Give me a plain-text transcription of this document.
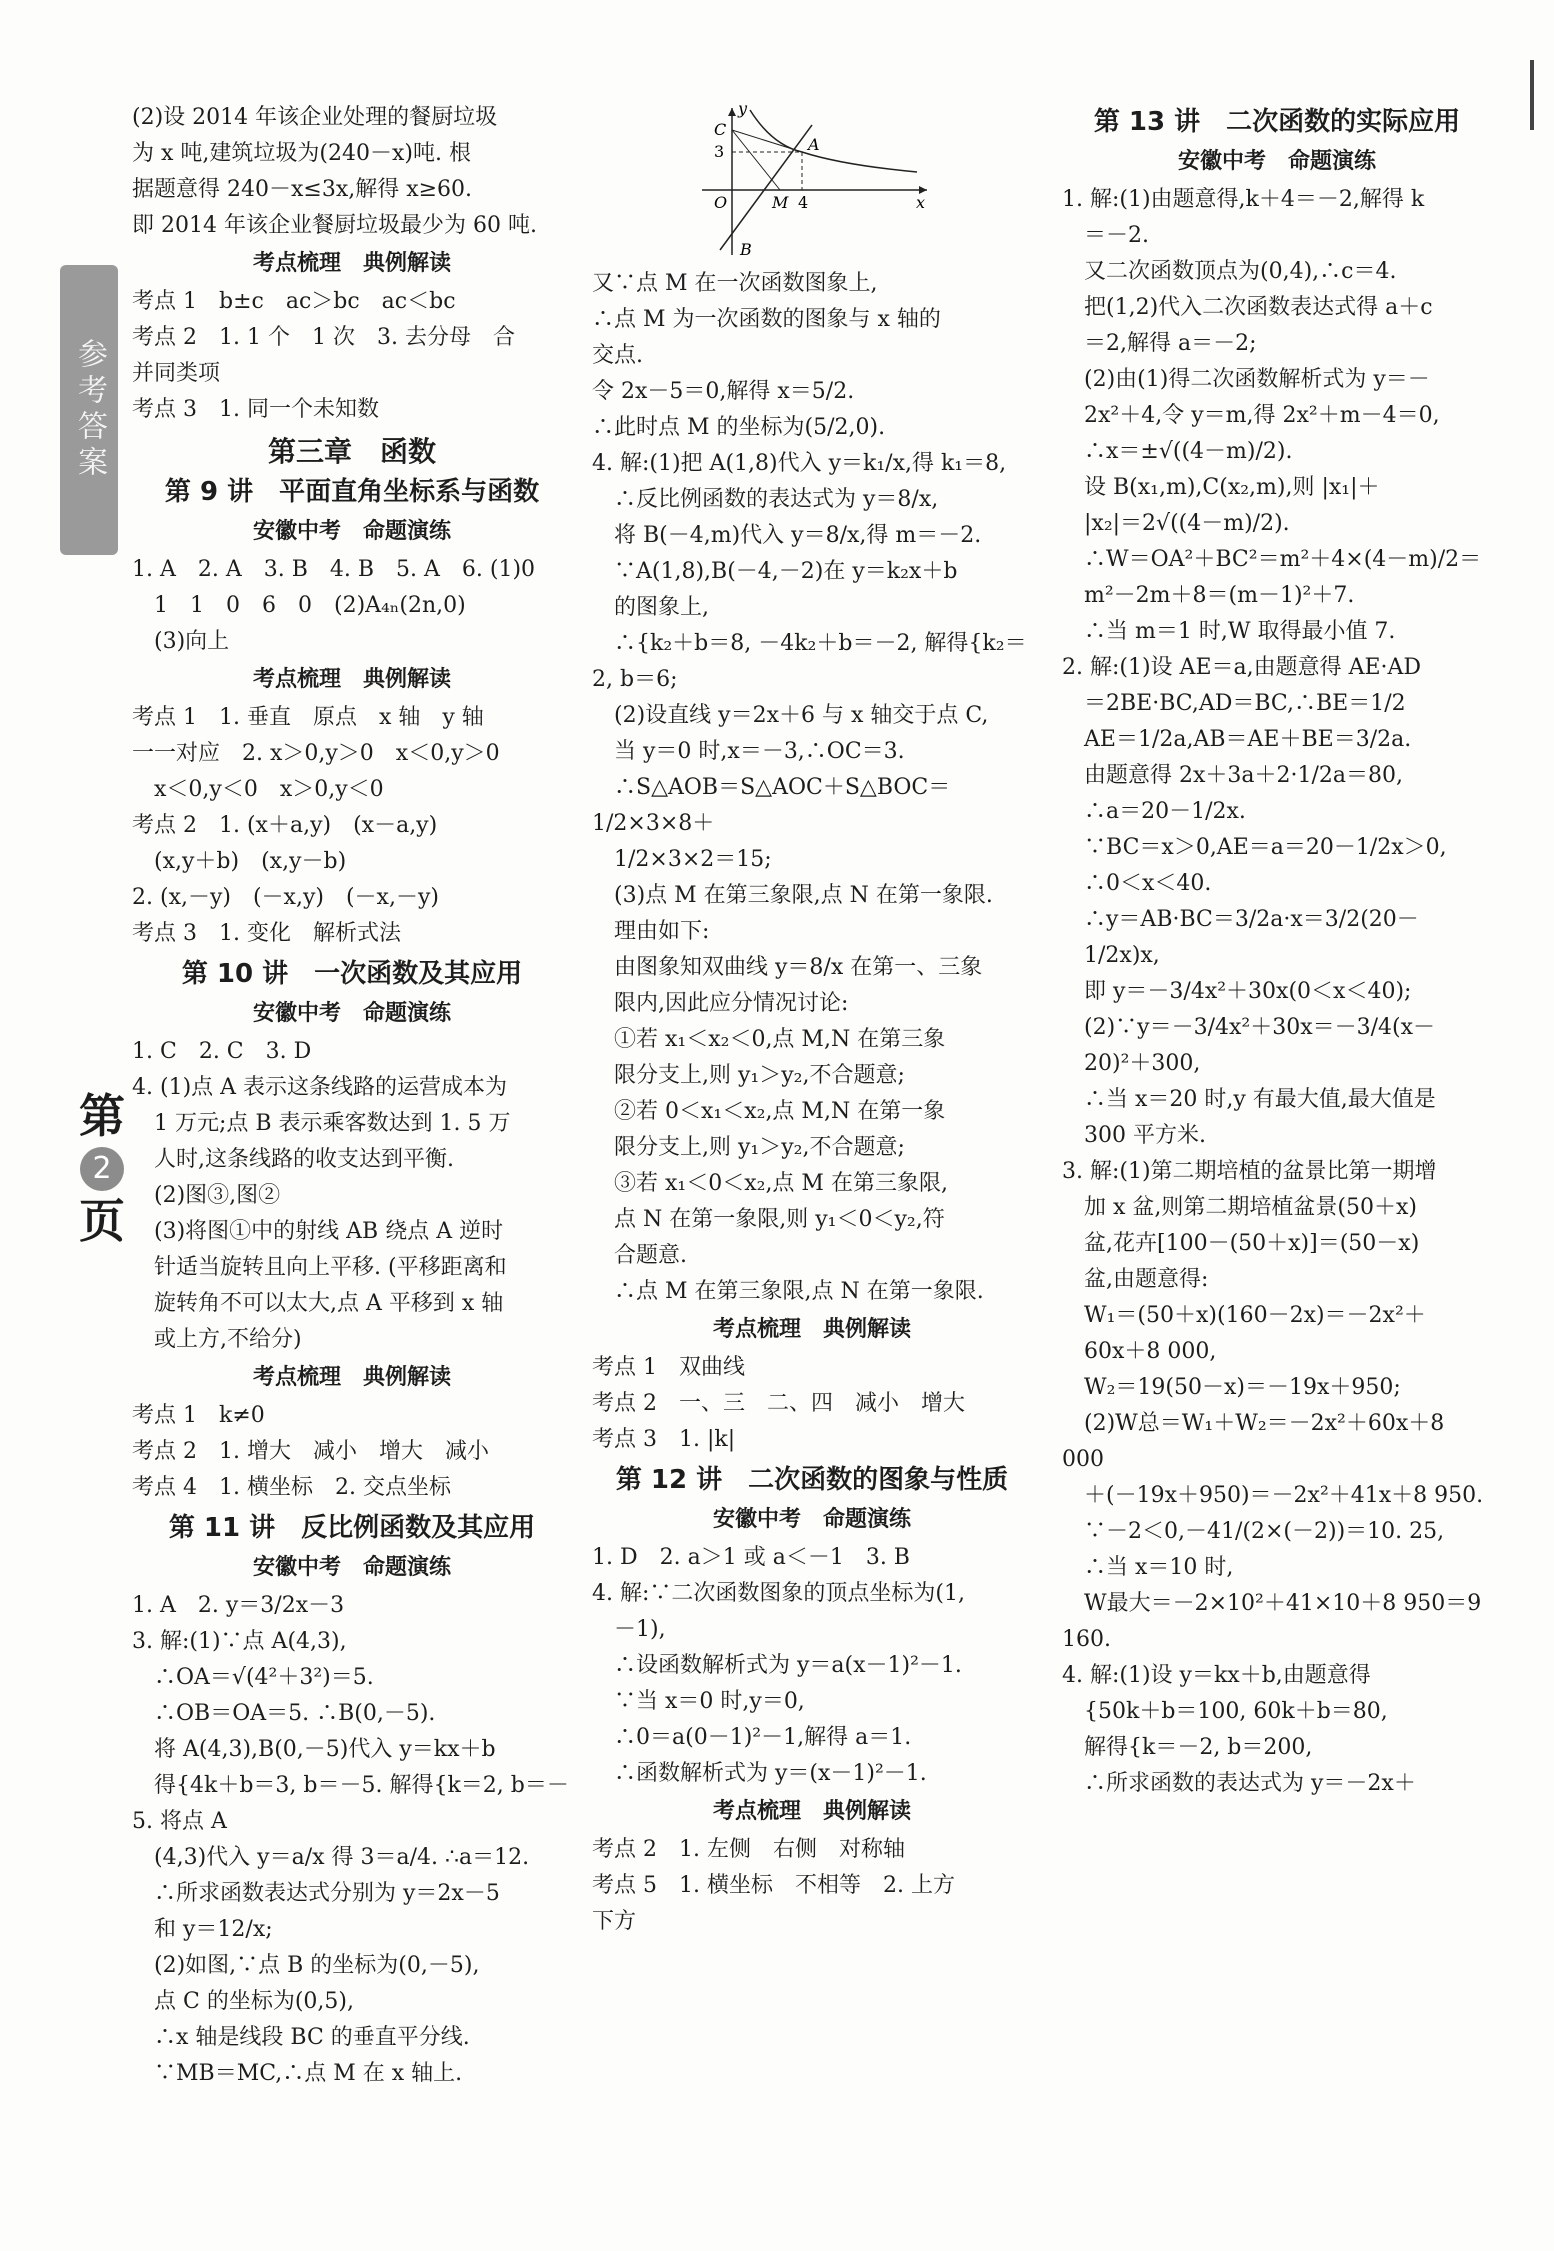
参考答案
第
2
页
(2)设 2014 年该企业处理的餐厨垃圾
为 x 吨,建筑垃圾为(240－x)吨. 根
据题意得 240－x≤3x,解得 x≥60.
即 2014 年该企业餐厨垃圾最少为 60 吨.
考点梳理　典例解读
考点 1　b±c　ac＞bc　ac＜bc
考点 2　1. 1 个　1 次　3. 去分母　合
并同类项
考点 3　1. 同一个未知数
第三章　函数
第 9 讲　平面直角坐标系与函数
安徽中考　命题演练
1. A　2. A　3. B　4. B　5. A　6. (1)0
　1　1　0　6　0　(2)A₄ₙ(2n,0)
　(3)向上
考点梳理　典例解读
考点 1　1. 垂直　原点　x 轴　y 轴
一一对应　2. x＞0,y＞0　x＜0,y＞0
　x＜0,y＜0　x＞0,y＜0
考点 2　1. (x＋a,y)　(x－a,y)
　(x,y＋b)　(x,y－b)
2. (x,－y)　(－x,y)　(－x,－y)
考点 3　1. 变化　解析式法
第 10 讲　一次函数及其应用
安徽中考　命题演练
1. C　2. C　3. D
4. (1)点 A 表示这条线路的运营成本为
　1 万元;点 B 表示乘客数达到 1. 5 万
　人时,这条线路的收支达到平衡.
　(2)图③,图②
　(3)将图①中的射线 AB 绕点 A 逆时
　针适当旋转且向上平移. (平移距离和
　旋转角不可以太大,点 A 平移到 x 轴
　或上方,不给分)
考点梳理　典例解读
考点 1　k≠0
考点 2　1. 增大　减小　增大　减小
考点 4　1. 横坐标　2. 交点坐标
第 11 讲　反比例函数及其应用
安徽中考　命题演练
1. A　2. y＝3/2x－3
3. 解:(1)∵点 A(4,3),
　∴OA＝√(4²＋3²)＝5.
　∴OB＝OA＝5. ∴B(0,－5).
　将 A(4,3),B(0,－5)代入 y＝kx＋b
　得{4k＋b＝3, b＝－5. 解得{k＝2, b＝－5. 将点 A
　(4,3)代入 y＝a/x 得 3＝a/4. ∴a＝12.
　∴所求函数表达式分别为 y＝2x－5
　和 y＝12/x;
　(2)如图,∵点 B 的坐标为(0,－5),
　点 C 的坐标为(0,5),
　∴x 轴是线段 BC 的垂直平分线.
　∵MB＝MC,∴点 M 在 x 轴上.
y
x
C
A
3
4
M
O
B
又∵点 M 在一次函数图象上,
∴点 M 为一次函数的图象与 x 轴的
交点.
令 2x－5＝0,解得 x＝5/2.
∴此时点 M 的坐标为(5/2,0).
4. 解:(1)把 A(1,8)代入 y＝k₁/x,得 k₁＝8,
　∴反比例函数的表达式为 y＝8/x,
　将 B(－4,m)代入 y＝8/x,得 m＝－2.
　∵A(1,8),B(－4,－2)在 y＝k₂x＋b
　的图象上,
　∴{k₂＋b＝8, －4k₂＋b＝－2, 解得{k₂＝2, b＝6;
　(2)设直线 y＝2x＋6 与 x 轴交于点 C,
　当 y＝0 时,x＝－3,∴OC＝3.
　∴S△AOB＝S△AOC＋S△BOC＝1/2×3×8＋
　1/2×3×2＝15;
　(3)点 M 在第三象限,点 N 在第一象限.
　理由如下:
　由图象知双曲线 y＝8/x 在第一、三象
　限内,因此应分情况讨论:
　①若 x₁＜x₂＜0,点 M,N 在第三象
　限分支上,则 y₁＞y₂,不合题意;
　②若 0＜x₁＜x₂,点 M,N 在第一象
　限分支上,则 y₁＞y₂,不合题意;
　③若 x₁＜0＜x₂,点 M 在第三象限,
　点 N 在第一象限,则 y₁＜0＜y₂,符
　合题意.
　∴点 M 在第三象限,点 N 在第一象限.
考点梳理　典例解读
考点 1　双曲线
考点 2　一、三　二、四　减小　增大
考点 3　1. |k|
第 12 讲　二次函数的图象与性质
安徽中考　命题演练
1. D　2. a＞1 或 a＜－1　3. B
4. 解:∵二次函数图象的顶点坐标为(1,
　－1),
　∴设函数解析式为 y＝a(x－1)²－1.
　∵当 x＝0 时,y＝0,
　∴0＝a(0－1)²－1,解得 a＝1.
　∴函数解析式为 y＝(x－1)²－1.
考点梳理　典例解读
考点 2　1. 左侧　右侧　对称轴
考点 5　1. 横坐标　不相等　2. 上方
下方
第 13 讲　二次函数的实际应用
安徽中考　命题演练
1. 解:(1)由题意得,k＋4＝－2,解得 k
　＝－2.
　又二次函数顶点为(0,4),∴c＝4.
　把(1,2)代入二次函数表达式得 a＋c
　＝2,解得 a＝－2;
　(2)由(1)得二次函数解析式为 y＝－
　2x²＋4,令 y＝m,得 2x²＋m－4＝0,
　∴x＝±√((4－m)/2).
　设 B(x₁,m),C(x₂,m),则 |x₁|＋
　|x₂|＝2√((4－m)/2).
　∴W＝OA²＋BC²＝m²＋4×(4－m)/2＝
　m²－2m＋8＝(m－1)²＋7.
　∴当 m＝1 时,W 取得最小值 7.
2. 解:(1)设 AE＝a,由题意得 AE·AD
　＝2BE·BC,AD＝BC,∴BE＝1/2
　AE＝1/2a,AB＝AE＋BE＝3/2a.
　由题意得 2x＋3a＋2·1/2a＝80,
　∴a＝20－1/2x.
　∵BC＝x＞0,AE＝a＝20－1/2x＞0,
　∴0＜x＜40.
　∴y＝AB·BC＝3/2a·x＝3/2(20－
　1/2x)x,
　即 y＝－3/4x²＋30x(0＜x＜40);
　(2)∵y＝－3/4x²＋30x＝－3/4(x－
　20)²＋300,
　∴当 x＝20 时,y 有最大值,最大值是
　300 平方米.
3. 解:(1)第二期培植的盆景比第一期增
　加 x 盆,则第二期培植盆景(50＋x)
　盆,花卉[100－(50＋x)]＝(50－x)
　盆,由题意得:
　W₁＝(50＋x)(160－2x)＝－2x²＋
　60x＋8 000,
　W₂＝19(50－x)＝－19x＋950;
　(2)W总＝W₁＋W₂＝－2x²＋60x＋8 000
　＋(－19x＋950)＝－2x²＋41x＋8 950.
　∵－2＜0,－41/(2×(－2))＝10. 25,
　∴当 x＝10 时,
　W最大＝－2×10²＋41×10＋8 950＝9 160.
4. 解:(1)设 y＝kx＋b,由题意得
　{50k＋b＝100, 60k＋b＝80,
　解得{k＝－2, b＝200,
　∴所求函数的表达式为 y＝－2x＋
